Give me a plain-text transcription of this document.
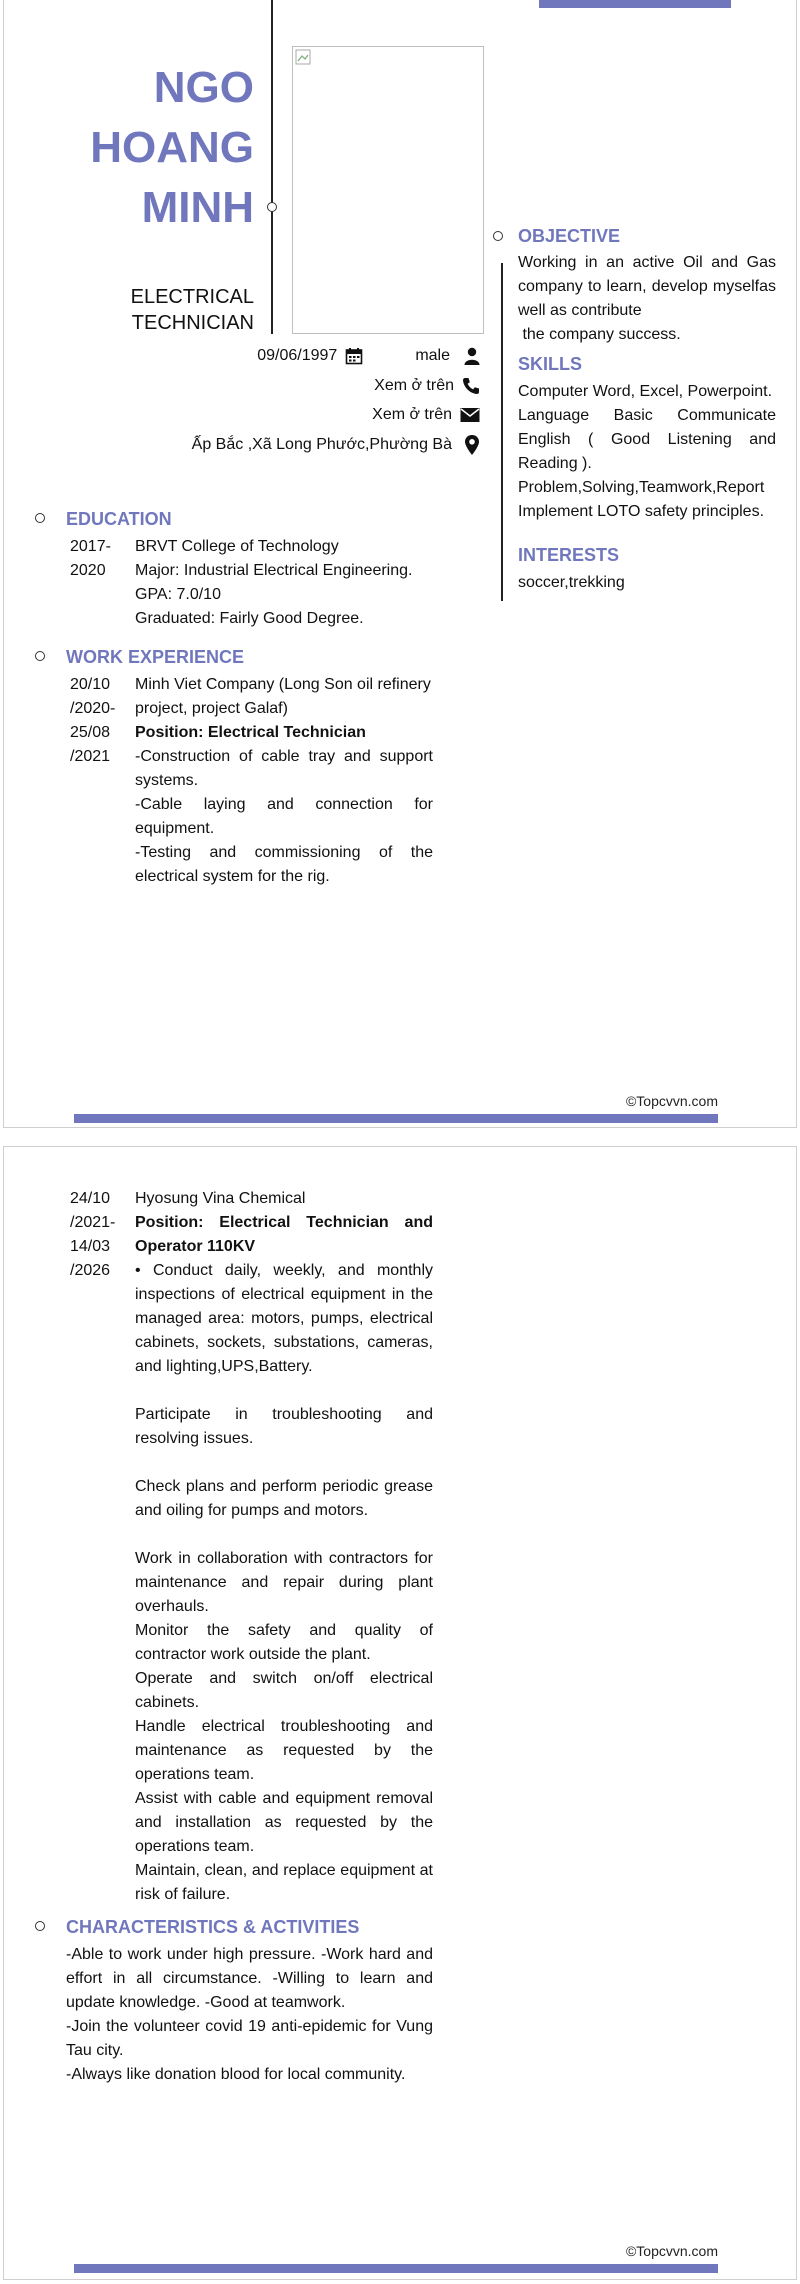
NGO
HOANG
MINH
ELECTRICAL
TECHNICIAN
09/06/1997	male
Xem ở trên
Xem ở trên
Ấp Bắc ,Xã Long Phước,Phường Bà
OBJECTIVE
Working in an active Oil and Gas company to learn, develop myselfas well as contribute
the company success.
SKILLS
Computer Word, Excel, Powerpoint.
Language Basic Communicate English ( Good Listening and Reading ).
Problem,Solving,Teamwork,Report
Implement LOTO safety principles.
INTERESTS
soccer,trekking
EDUCATION
2017-
2020
BRVT College of Technology
Major: Industrial Electrical Engineering.
GPA: 7.0/10
Graduated: Fairly Good Degree.
WORK EXPERIENCE
20/10
/2020-
25/08
/2021
Minh Viet Company (Long Son oil refinery project, project Galaf)
Position: Electrical Technician
-Construction of cable tray and support systems.
-Cable laying and connection for equipment.
-Testing and commissioning of the electrical system for the rig.
©Topcvvn.com
24/10
/2021-
14/03
/2026
Hyosung Vina Chemical
Position: Electrical Technician and Operator 110KV
• Conduct daily, weekly, and monthly inspections of electrical equipment in the managed area: motors, pumps, electrical cabinets, sockets, substations, cameras, and lighting,UPS,Battery.
Participate in troubleshooting and resolving issues.
Check plans and perform periodic grease and oiling for pumps and motors.
Work in collaboration with contractors for maintenance and repair during plant overhauls.
Monitor the safety and quality of contractor work outside the plant.
Operate and switch on/off electrical cabinets.
Handle electrical troubleshooting and maintenance as requested by the operations team.
Assist with cable and equipment removal and installation as requested by the operations team.
Maintain, clean, and replace equipment at risk of failure.
CHARACTERISTICS & ACTIVITIES
-Able to work under high pressure. -Work hard and effort in all circumstance. -Willing to learn and update knowledge. -Good at teamwork.
-Join the volunteer covid 19 anti-epidemic for Vung Tau city.
-Always like donation blood for local community.
©Topcvvn.com
